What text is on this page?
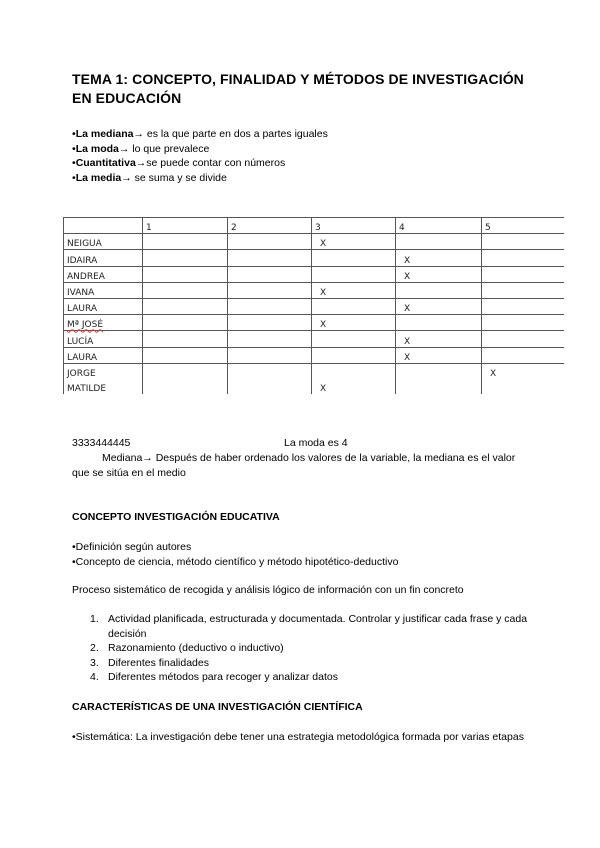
TEMA 1: CONCEPTO, FINALIDAD Y MÉTODOS DE INVESTIGACIÓN EN EDUCACIÓN
•La mediana→ es la que parte en dos a partes iguales
•La moda→ lo que prevalece
•Cuantitativa→se puede contar con números
•La media→ se suma y se divide
	1	2	3	4	5
NEIGUA			X		
IDAIRA				X	
ANDREA				X	
IVANA			X		
LAURA				X	
Mª JOSÉ			X		
LUCÍA				X	
LAURA				X	
JORGE					X
MATILDE			X		
3333444445	La moda es 4
Mediana→ Después de haber ordenado los valores de la variable, la mediana es el valor que se sitúa en el medio
CONCEPTO INVESTIGACIÓN EDUCATIVA
•Definición según autores
•Concepto de ciencia, método científico y método hipotético-deductivo
Proceso sistemático de recogida y análisis lógico de información con un fin concreto
1. Actividad planificada, estructurada y documentada. Controlar y justificar cada frase y cada decisión
2. Razonamiento (deductivo o inductivo)
3. Diferentes finalidades
4. Diferentes métodos para recoger y analizar datos
CARACTERÍSTICAS DE UNA INVESTIGACIÓN CIENTÍFICA
•Sistemática: La investigación debe tener una estrategia metodológica formada por varias etapas
